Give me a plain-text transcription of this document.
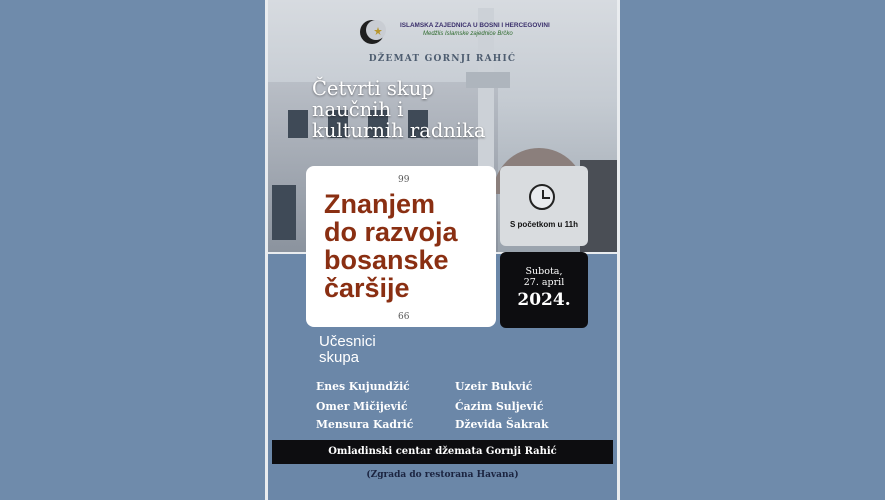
ISLAMSKA ZAJEDNICA U BOSNI I HERCEGOVINI
Medžlis Islamske zajednice Brčko
DŽEMAT GORNJI RAHIĆ
Četvrti skup
naučnih i
kulturnih radnika
99
Znanjem
do razvoja
bosanske
čaršije
66
S početkom u 11h
Subota,
27. april
2024.
Učesnici
skupa
Enes Kujundžić
Omer Mičijević
Mensura Kadrić
Uzeir Bukvić
Ćazim Suljević
Dževida Šakrak
Omladinski centar džemata Gornji Rahić
(Zgrada do restorana Havana)
